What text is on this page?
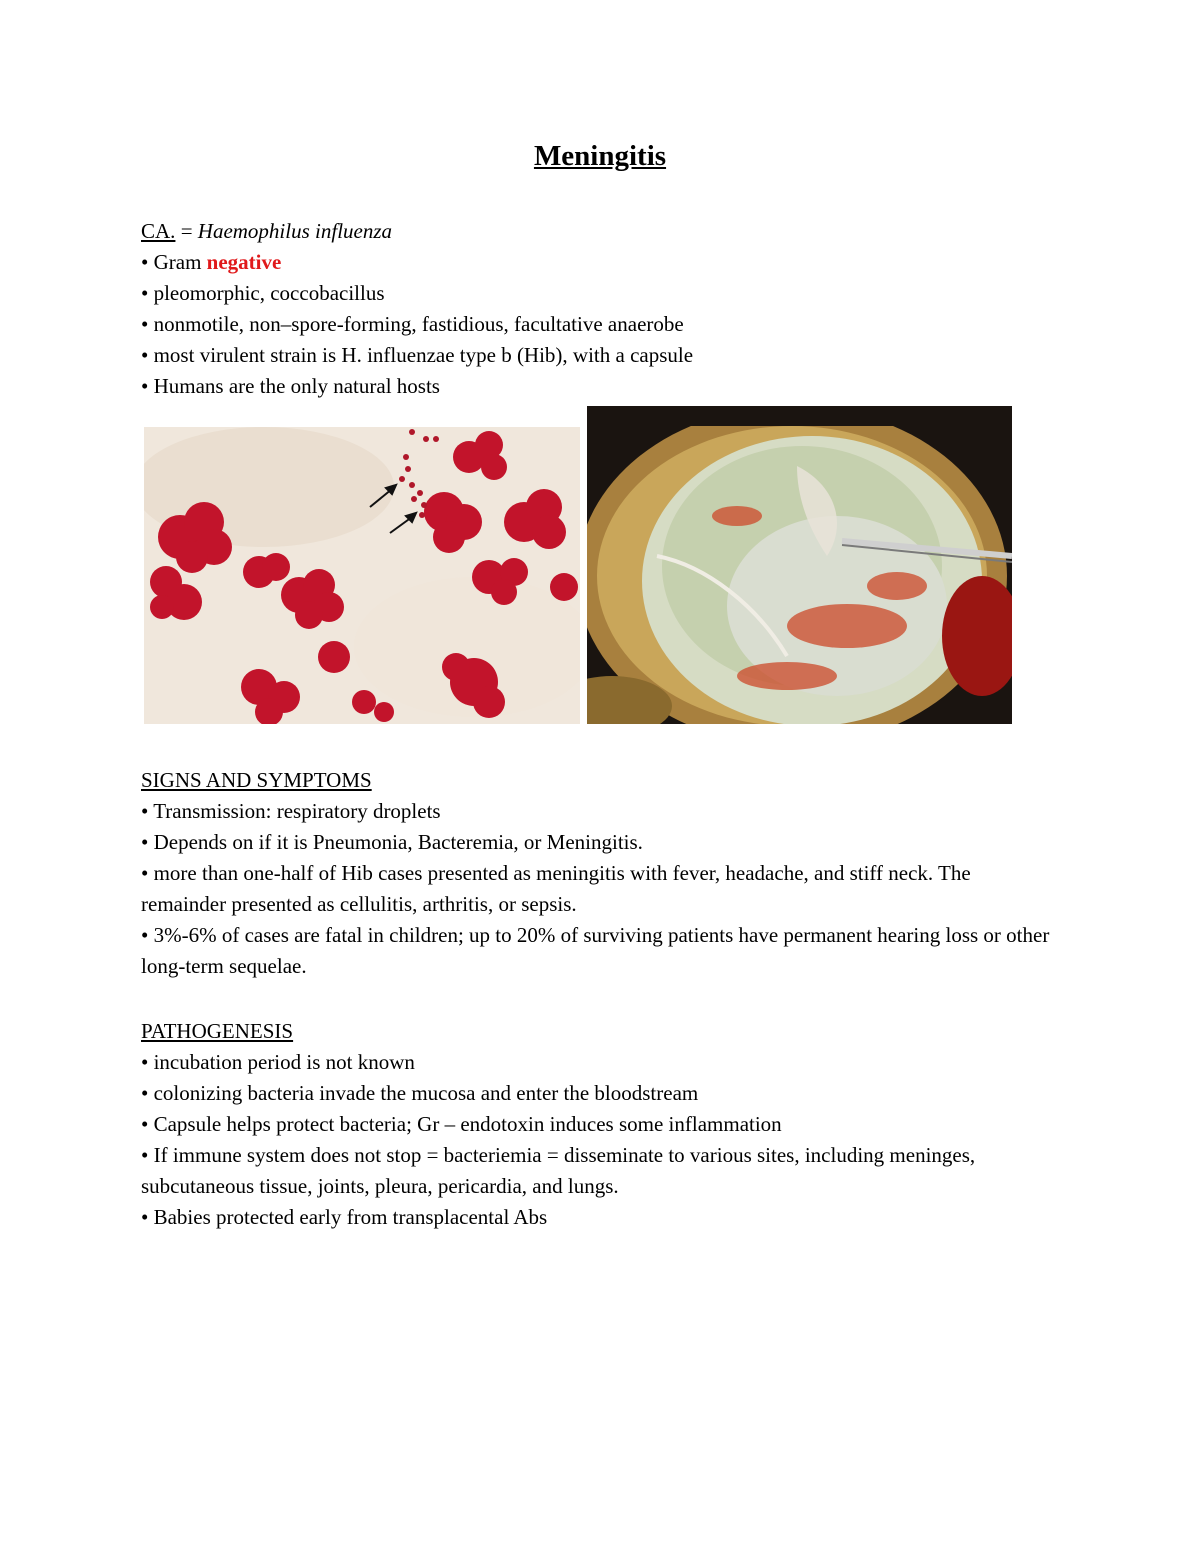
Meningitis

CA. = Haemophilus influenza

• Gram negative

• pleomorphic, coccobacillus

• nonmotile, non–spore-forming, fastidious, facultative anaerobe

• most virulent strain is H. influenzae type b (Hib), with a capsule

• Humans are the only natural hosts

SIGNS AND SYMPTOMS

• Transmission: respiratory droplets

• Depends on if it is Pneumonia, Bacteremia, or Meningitis.

• more than one-half of Hib cases presented as meningitis with fever, headache, and stiff neck. The remainder presented as cellulitis, arthritis, or sepsis.

• 3%-6% of cases are fatal in children; up to 20% of surviving patients have permanent hearing loss or other long-term sequelae.

PATHOGENESIS

• incubation period is not known

• colonizing bacteria invade the mucosa and enter the bloodstream

• Capsule helps protect bacteria; Gr – endotoxin induces some inflammation

• If immune system does not stop = bacteriemia = disseminate to various sites, including meninges, subcutaneous tissue, joints, pleura, pericardia, and lungs.

• Babies protected early from transplacental Abs
